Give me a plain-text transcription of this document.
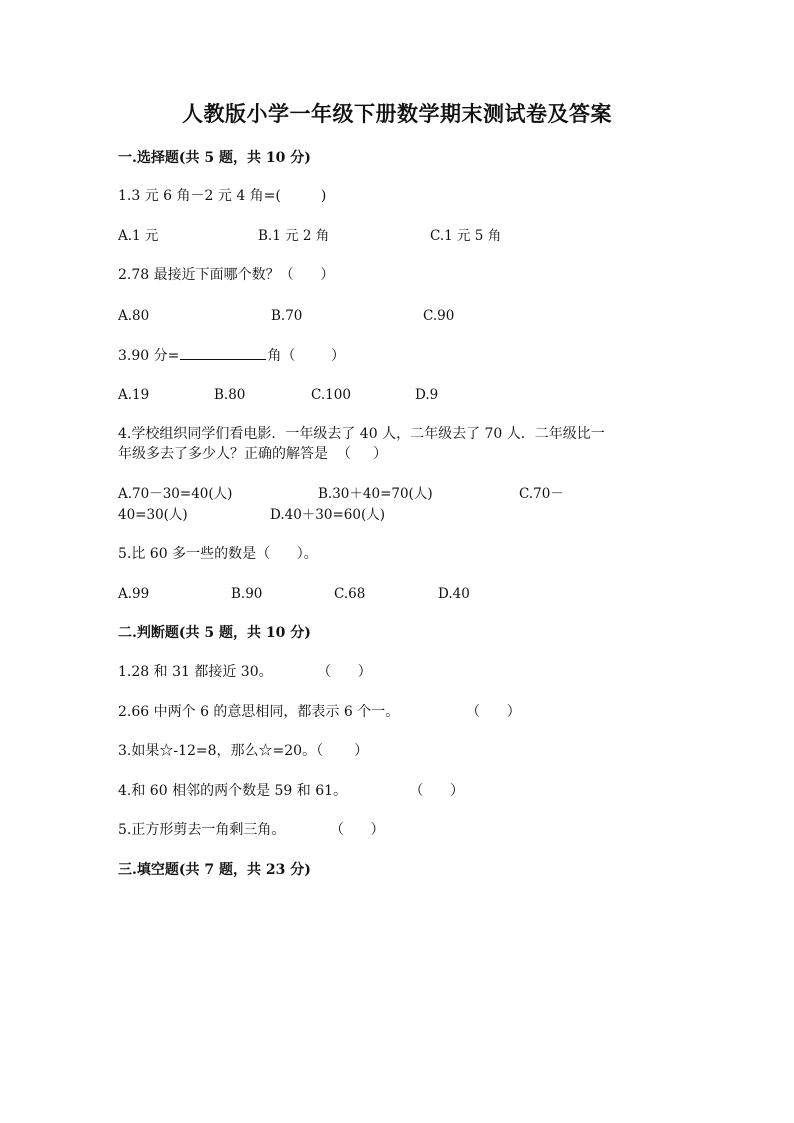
人教版小学一年级下册数学期末测试卷及答案
一.选择题(共 5 题，共 10 分)
1.3 元 6 角－2 元 4 角=(         )
A.1 元	B.1 元 2 角	C.1 元 5 角
2.78 最接近下面哪个数？（      ）
A.80	B.70	C.90
3.90 分=	角（        ）
A.19	B.80	C.100	D.9
4.学校组织同学们看电影．一年级去了 40 人，二年级去了 70 人．二年级比一
年级多去了多少人？正确的解答是  （     ）
A.70－30=40(人)	B.30＋40=70(人)	C.70－
40=30(人)	D.40＋30=60(人)
5.比 60 多一些的数是（      ）。
A.99	B.90	C.68	D.40
二.判断题(共 5 题，共 10 分)
1.28 和 31 都接近 30。          （      ）
2.66 中两个 6 的意思相同，都表示 6 个一。               （      ）
3.如果☆-12=8，那么☆=20。（       ）
4.和 60 相邻的两个数是 59 和 61。              （      ）
5.正方形剪去一角剩三角。          （      ）
三.填空题(共 7 题，共 23 分)
